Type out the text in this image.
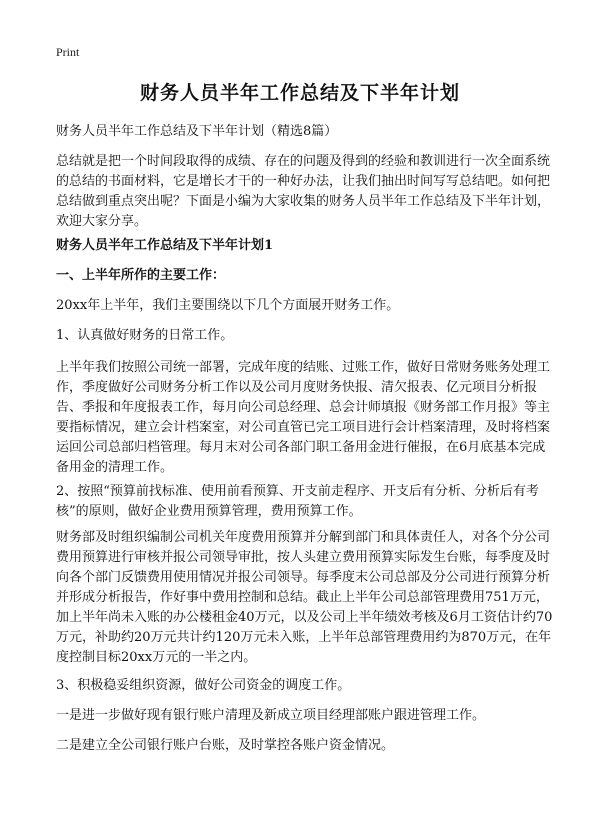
Print
财务人员半年工作总结及下半年计划
财务人员半年工作总结及下半年计划（精选8篇）
总结就是把一个时间段取得的成绩、存在的问题及得到的经验和教训进行一次全面系统的总结的书面材料，它是增长才干的一种好办法，让我们抽出时间写写总结吧。如何把总结做到重点突出呢？下面是小编为大家收集的财务人员半年工作总结及下半年计划，欢迎大家分享。
财务人员半年工作总结及下半年计划1
一、上半年所作的主要工作：
20xx年上半年，我们主要围绕以下几个方面展开财务工作。
1、认真做好财务的日常工作。
上半年我们按照公司统一部署，完成年度的结账、过账工作，做好日常财务账务处理工作，季度做好公司财务分析工作以及公司月度财务快报、清欠报表、亿元项目分析报告、季报和年度报表工作，每月向公司总经理、总会计师填报《财务部工作月报》等主要指标情况，建立会计档案室，对公司直管已完工项目进行会计档案清理，及时将档案运回公司总部归档管理。每月末对公司各部门职工备用金进行催报，在6月底基本完成备用金的清理工作。
2、按照“预算前找标准、使用前看预算、开支前走程序、开支后有分析、分析后有考核”的原则，做好企业费用预算管理，费用预算工作。
财务部及时组织编制公司机关年度费用预算并分解到部门和具体责任人，对各个分公司费用预算进行审核并报公司领导审批，按人头建立费用预算实际发生台账，每季度及时向各个部门反馈费用使用情况并报公司领导。每季度末公司总部及分公司进行预算分析并形成分析报告，作好事中费用控制和总结。截止上半年公司总部管理费用751万元，加上半年尚未入账的办公楼租金40万元，以及公司上半年绩效考核及6月工资估计约70万元，补助约20万元共计约120万元未入账，上半年总部管理费用约为870万元，在年度控制目标20xx万元的一半之内。
3、积极稳妥组织资源，做好公司资金的调度工作。
一是进一步做好现有银行账户清理及新成立项目经理部账户跟进管理工作。
二是建立全公司银行账户台账，及时掌控各账户资金情况。
